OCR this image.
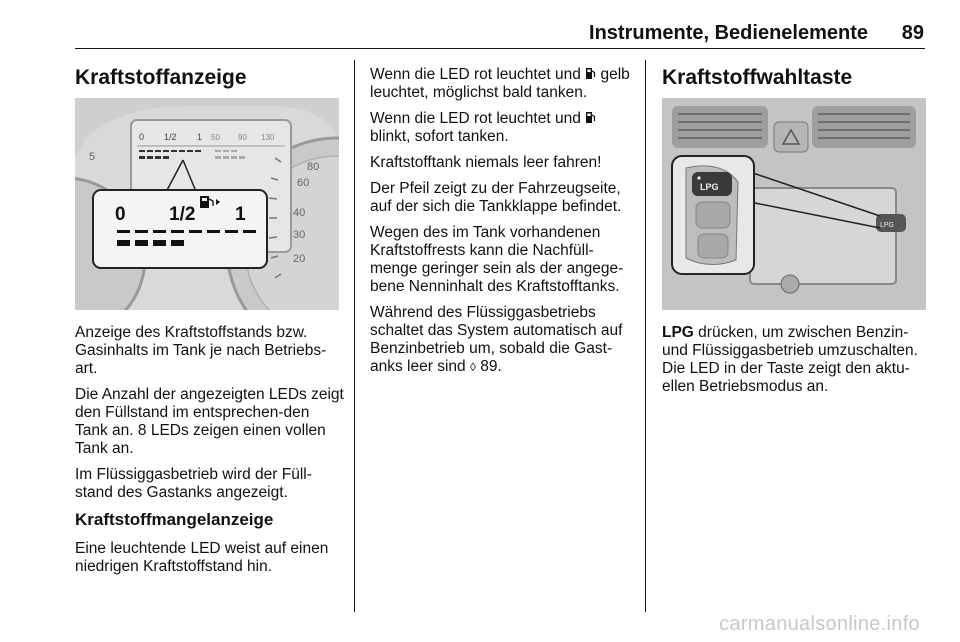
Instrumente, Bedienelemente 89
Kraftstoffanzeige
0 1/2 1 50 90 130
80
60
40
30
20
5
0 1/2 1

Anzeige des Kraftstoffstands bzw. Gasinhalts im Tank je nach Betriebs-art.

Die Anzahl der angezeigten LEDs zeigt den Füllstand im entsprechen-den Tank an. 8 LEDs zeigen einen vollen Tank an.

Im Flüssiggasbetrieb wird der Füll-stand des Gastanks angezeigt.

Kraftstoffmangelanzeige

Eine leuchtende LED weist auf einen niedrigen Kraftstoffstand hin.

Wenn die LED rot leuchtet und gelb leuchtet, möglichst bald tanken.

Wenn die LED rot leuchtet und
blinkt, sofort tanken.

Kraftstofftank niemals leer fahren!

Der Pfeil zeigt zu der Fahrzeugseite, auf der sich die Tankklappe befindet.

Wegen des im Tank vorhandenen Kraftstoffrests kann die Nachfüll-menge geringer sein als der angege-bene Nenninhalt des Kraftstofftanks.

Während des Flüssiggasbetriebs schaltet das System automatisch auf Benzinbetrieb um, sobald die Gast-anks leer sind ◊ 89.

Kraftstoffwahltaste
LPG
LPG

LPG drücken, um zwischen Benzin- und Flüssiggasbetrieb umzuschalten. Die LED in der Taste zeigt den aktu-ellen Betriebsmodus an.

carmanualsonline.info
